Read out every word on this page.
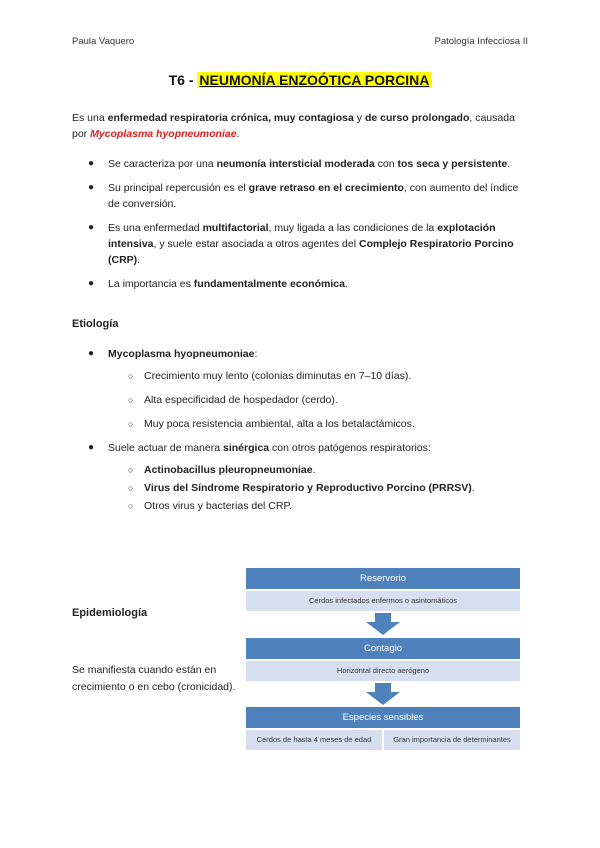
Paula Vaquero	Patología Infecciosa II
T6 - NEUMONÍA ENZOÓTICA PORCINA
Es una enfermedad respiratoria crónica, muy contagiosa y de curso prolongado, causada por Mycoplasma hyopneumoniae.
● Se caracteriza por una neumonía intersticial moderada con tos seca y persistente.
● Su principal repercusión es el grave retraso en el crecimiento, con aumento del índice de conversión.
● Es una enfermedad multifactorial, muy ligada a las condiciones de la explotación intensiva, y suele estar asociada a otros agentes del Complejo Respiratorio Porcino (CRP).
● La importancia es fundamentalmente económica.
Etiología
● Mycoplasma hyopneumoniae:
○ Crecimiento muy lento (colonias diminutas en 7–10 días).
○ Alta especificidad de hospedador (cerdo).
○ Muy poca resistencia ambiental, alta a los betalactámicos.
● Suele actuar de manera sinérgica con otros patógenos respiratorios:
○ Actinobacillus pleuropneumoniae.
○ Virus del Síndrome Respiratorio y Reproductivo Porcino (PRRSV).
○ Otros virus y bacterias del CRP.
Epidemiología
Se manifiesta cuando están en crecimiento o en cebo (cronicidad).
Reservorio
Cerdos infectados enfermos o asintomáticos
Contagio
Horizontal directo aerógeno
Especies sensibles
Cerdos de hasta 4 meses de edad	Gran importancia de determinantes
